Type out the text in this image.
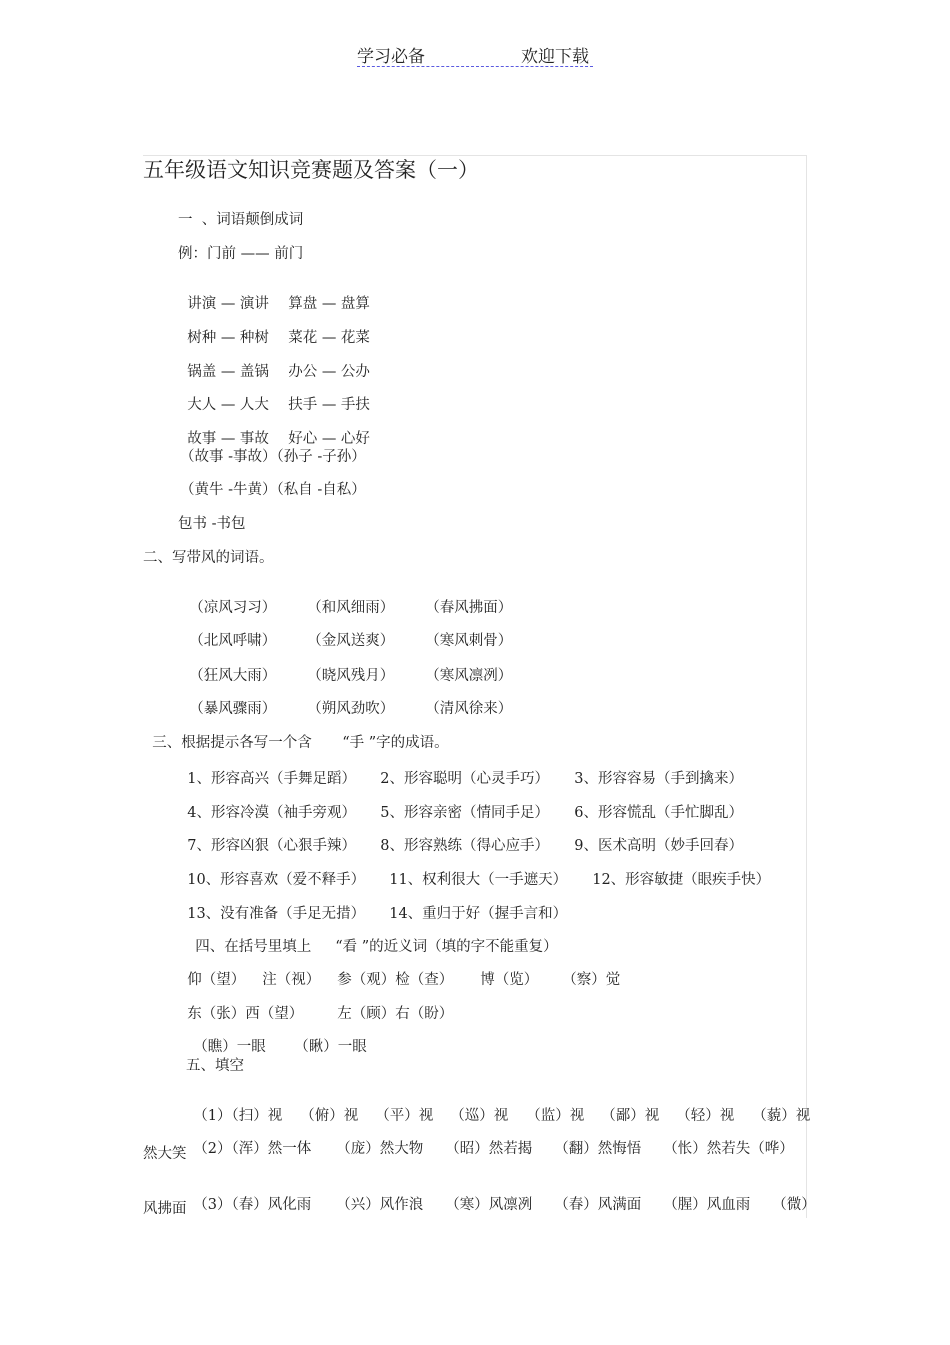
学习必备	欢迎下载
五年级语文知识竞赛题及答案（一）
一  、词语颠倒成词
例：门前 —— 前门

讲演 — 演讲 算盘 — 盘算

树种 — 种树 菜花 — 花菜

锅盖 — 盖锅 办公 — 公办

大人 — 人大 扶手 — 手扶

故事 — 事故 好心 — 心好

（故事 -事故）（孙子 -子孙）
（黄牛 -牛黄）（私自 -自私）
包书 -书包
二、写带风的词语。

（凉风习习） （和风细雨） （春风拂面）

（北风呼啸） （金风送爽） （寒风刺骨）

（狂风大雨） （晓风残月） （寒风凛冽）

（暴风骤雨） （朔风劲吹） （清风徐来）

三、根据提示各写一个含 “手 ”字的成语。

1、形容高兴（手舞足蹈） 2、形容聪明（心灵手巧） 3、形容容易（手到擒来）

4、形容冷漠（袖手旁观） 5、形容亲密（情同手足） 6、形容慌乱（手忙脚乱）

7、形容凶狠（心狠手辣） 8、形容熟练（得心应手） 9、医术高明（妙手回春）

10、形容喜欢（爱不释手） 11、权利很大（一手遮天） 12、形容敏捷（眼疾手快）

13、没有准备（手足无措） 14、重归于好（握手言和）

四、在括号里填上 “看 ”的近义词（填的字不能重复）

仰（望） 注（视） 参（观）检（查） 博（览） （察）觉

东（张）西（望） 左（顾）右（盼）

（瞧）一眼 （瞅）一眼

五、填空

（1）（扫）视 （俯）视 （平）视 （巡）视 （监）视 （鄙）视 （轻）视 （藐）视

（2）（浑）然一体 （庞）然大物 （昭）然若揭 （翻）然悔悟 （怅）然若失（哗）

然大笑

（3）（春）风化雨 （兴）风作浪 （寒）风凛冽 （春）风满面 （腥）风血雨 （微）

风拂面
